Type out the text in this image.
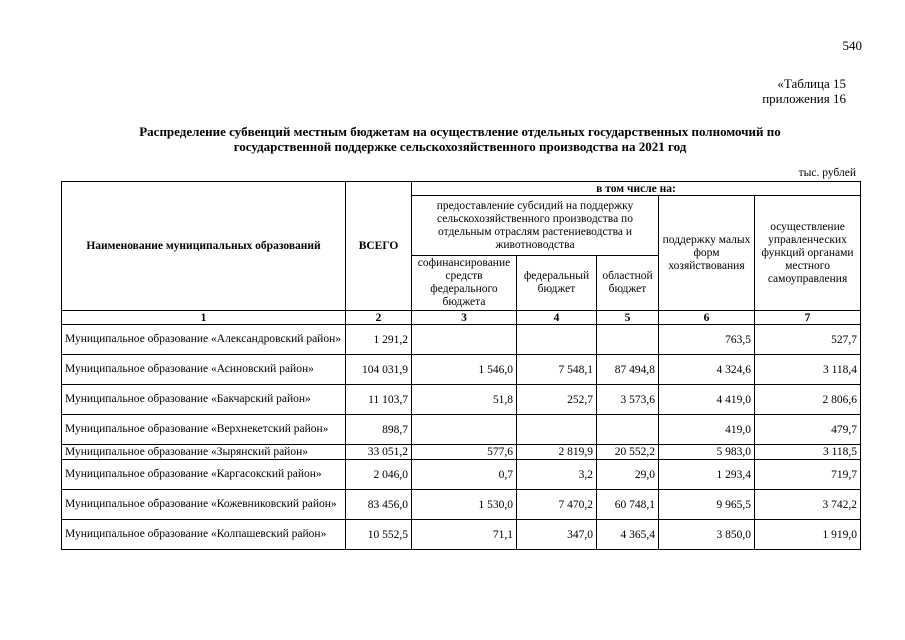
540
«Таблица 15
приложения 16
Распределение субвенций местным бюджетам на осуществление отдельных государственных полномочий по
государственной поддержке сельскохозяйственного производства на 2021 год
тыс. рублей
Наименование муниципальных образований	ВСЕГО	в том числе на:				
		предоставление субсидий на поддержку сельскохозяйственного производства по отдельным отраслям растениеводства и животноводства			поддержку малых форм хозяйствования	осуществление управленческих функций органами местного самоуправления
		софинансирование средств федерального бюджета	федеральный бюджет	областной бюджет		
1	2	3	4	5	6	7
Муниципальное образование «Александровский район»	1 291,2				763,5	527,7
Муниципальное образование «Асиновский район»	104 031,9	1 546,0	7 548,1	87 494,8	4 324,6	3 118,4
Муниципальное образование «Бакчарский район»	11 103,7	51,8	252,7	3 573,6	4 419,0	2 806,6
Муниципальное образование «Верхнекетский район»	898,7				419,0	479,7
Муниципальное образование «Зырянский район»	33 051,2	577,6	2 819,9	20 552,2	5 983,0	3 118,5
Муниципальное образование «Каргасокский район»	2 046,0	0,7	3,2	29,0	1 293,4	719,7
Муниципальное образование «Кожевниковский район»	83 456,0	1 530,0	7 470,2	60 748,1	9 965,5	3 742,2
Муниципальное образование «Колпашевский район»	10 552,5	71,1	347,0	4 365,4	3 850,0	1 919,0
